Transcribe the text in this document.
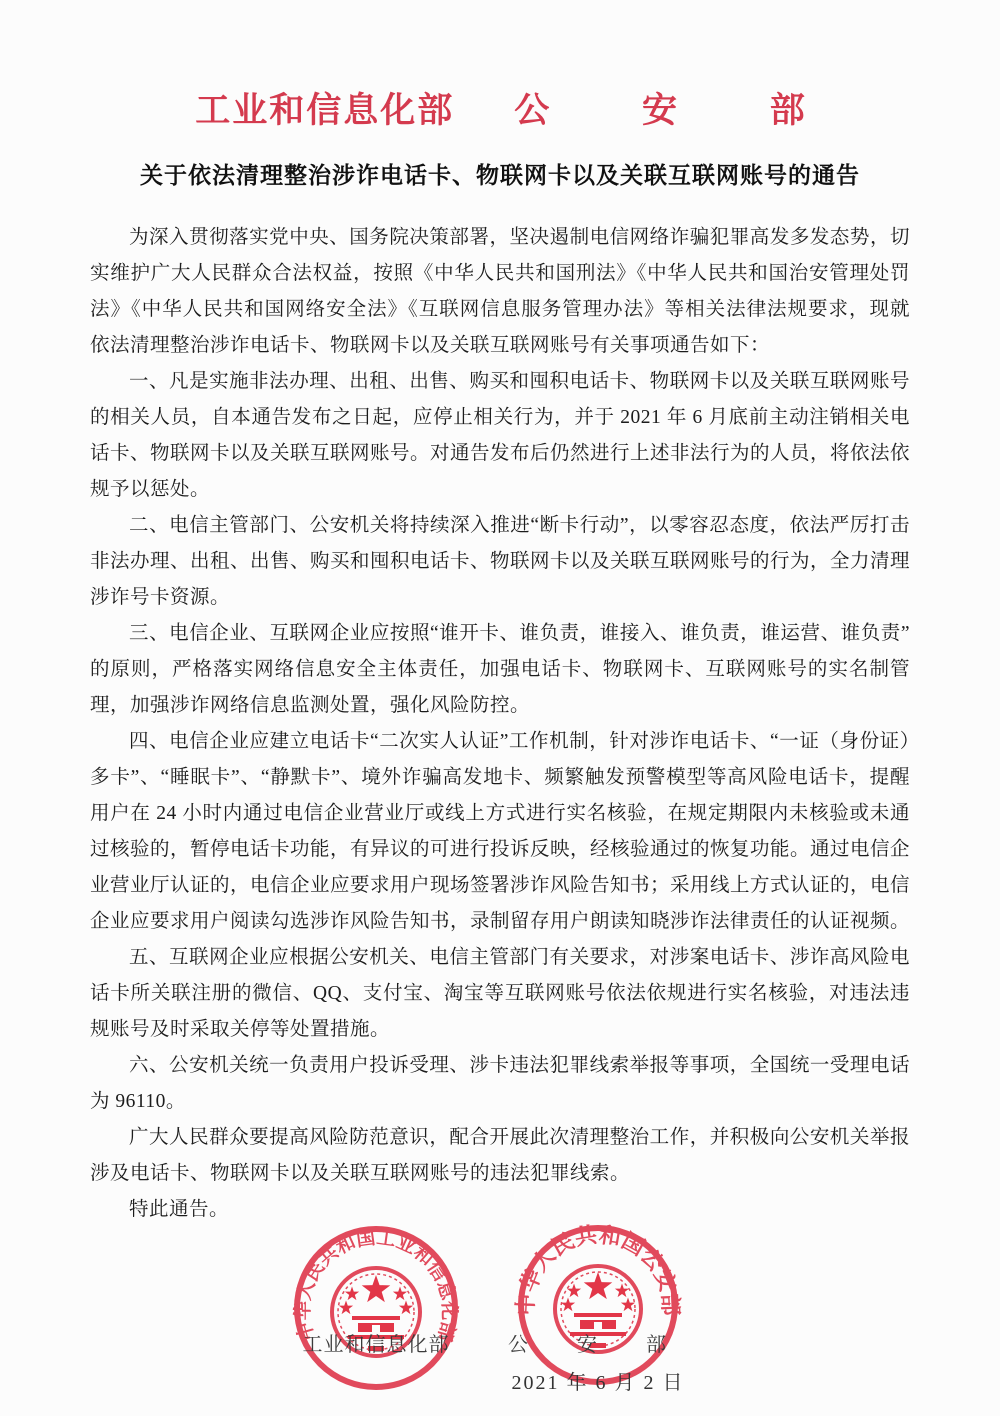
工业和信息化部 公 安 部
关于依法清理整治涉诈电话卡、物联网卡以及关联互联网账号的通告

为深入贯彻落实党中央、国务院决策部署，坚决遏制电信网络诈骗犯罪高发多发态势，切实维护广大人民群众合法权益，按照《中华人民共和国刑法》《中华人民共和国治安管理处罚法》《中华人民共和国网络安全法》《互联网信息服务管理办法》等相关法律法规要求，现就依法清理整治涉诈电话卡、物联网卡以及关联互联网账号有关事项通告如下：

一、凡是实施非法办理、出租、出售、购买和囤积电话卡、物联网卡以及关联互联网账号的相关人员，自本通告发布之日起，应停止相关行为，并于 2021 年 6 月底前主动注销相关电话卡、物联网卡以及关联互联网账号。对通告发布后仍然进行上述非法行为的人员，将依法依规予以惩处。

二、电信主管部门、公安机关将持续深入推进“断卡行动”，以零容忍态度，依法严厉打击非法办理、出租、出售、购买和囤积电话卡、物联网卡以及关联互联网账号的行为，全力清理涉诈号卡资源。

三、电信企业、互联网企业应按照“谁开卡、谁负责，谁接入、谁负责，谁运营、谁负责”的原则，严格落实网络信息安全主体责任，加强电话卡、物联网卡、互联网账号的实名制管理，加强涉诈网络信息监测处置，强化风险防控。

四、电信企业应建立电话卡“二次实人认证”工作机制，针对涉诈电话卡、“一证（身份证）多卡”、“睡眠卡”、“静默卡”、境外诈骗高发地卡、频繁触发预警模型等高风险电话卡，提醒用户在 24 小时内通过电信企业营业厅或线上方式进行实名核验，在规定期限内未核验或未通过核验的，暂停电话卡功能，有异议的可进行投诉反映，经核验通过的恢复功能。通过电信企业营业厅认证的，电信企业应要求用户现场签署涉诈风险告知书；采用线上方式认证的，电信企业应要求用户阅读勾选涉诈风险告知书，录制留存用户朗读知晓涉诈法律责任的认证视频。

五、互联网企业应根据公安机关、电信主管部门有关要求，对涉案电话卡、涉诈高风险电话卡所关联注册的微信、QQ、支付宝、淘宝等互联网账号依法依规进行实名核验，对违法违规账号及时采取关停等处置措施。

六、公安机关统一负责用户投诉受理、涉卡违法犯罪线索举报等事项，全国统一受理电话为 96110。

广大人民群众要提高风险防范意识，配合开展此次清理整治工作，并积极向公安机关举报涉及电话卡、物联网卡以及关联互联网账号的违法犯罪线索。

特此通告。

中华人民共和国工业和信息化部
工业和信息化部
中华人民共和国公安部
公 安 部
2021 年 6 月 2 日
